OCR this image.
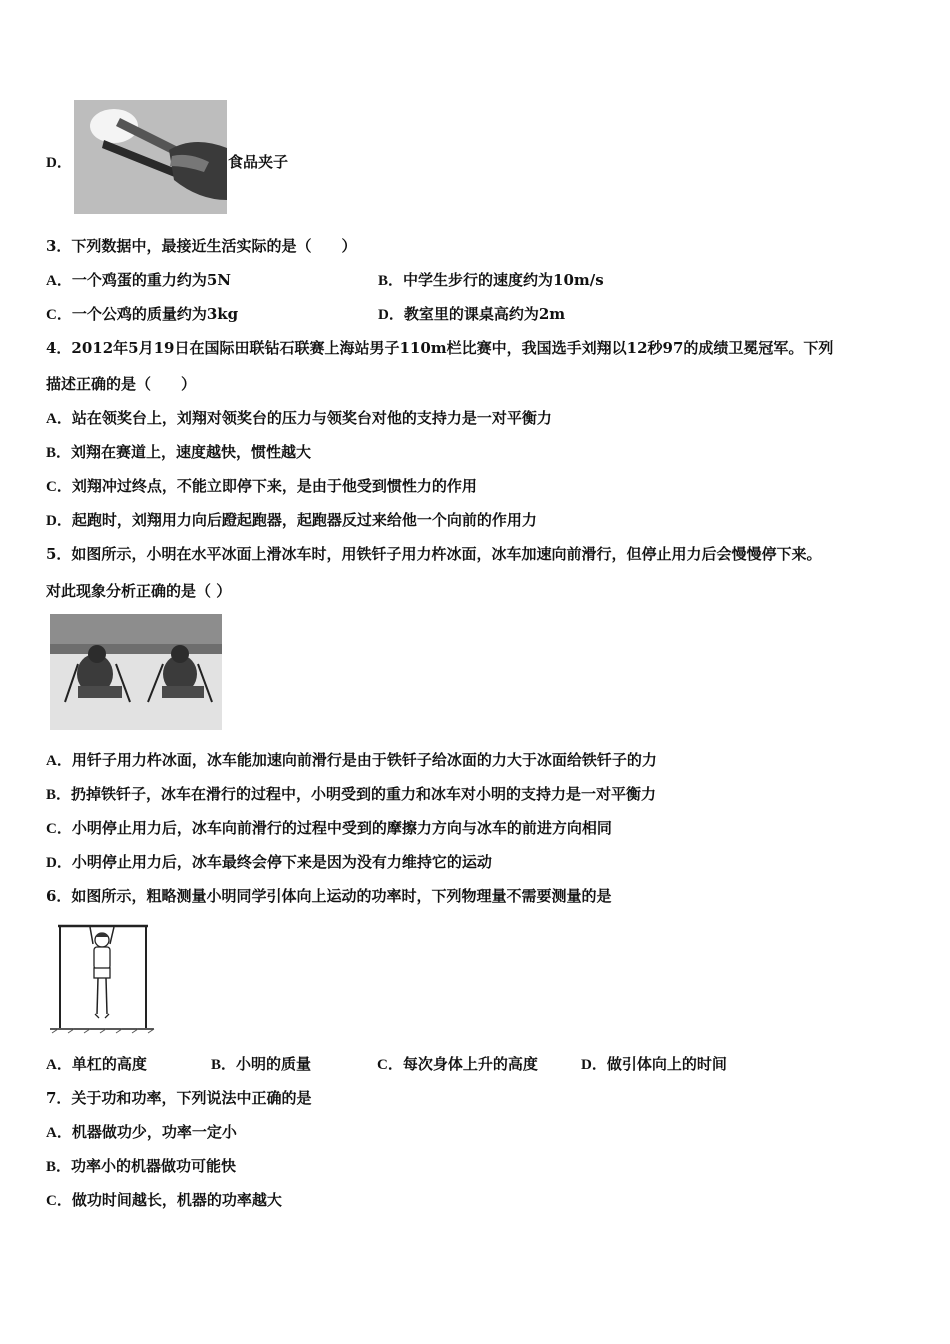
D．	食品夹子
3．下列数据中，最接近生活实际的是（　　）
A．一个鸡蛋的重力约为5N	B．中学生步行的速度约为10m/s
C．一个公鸡的质量约为3kg	D．教室里的课桌高约为2m
4．2012年5月19日在国际田联钻石联赛上海站男子110m栏比赛中，我国选手刘翔以12秒97的成绩卫冕冠军。下列
描述正确的是（　　）
A．站在领奖台上，刘翔对领奖台的压力与领奖台对他的支持力是一对平衡力
B．刘翔在赛道上，速度越快，惯性越大
C．刘翔冲过终点，不能立即停下来，是由于他受到惯性力的作用
D．起跑时，刘翔用力向后蹬起跑器，起跑器反过来给他一个向前的作用力
5．如图所示，小明在水平冰面上滑冰车时，用铁钎子用力杵冰面，冰车加速向前滑行，但停止用力后会慢慢停下来。
对此现象分析正确的是（ ）
A．用钎子用力杵冰面，冰车能加速向前滑行是由于铁钎子给冰面的力大于冰面给铁钎子的力
B．扔掉铁钎子，冰车在滑行的过程中，小明受到的重力和冰车对小明的支持力是一对平衡力
C．小明停止用力后，冰车向前滑行的过程中受到的摩擦力方向与冰车的前进方向相同
D．小明停止用力后，冰车最终会停下来是因为没有力维持它的运动
6．如图所示，粗略测量小明同学引体向上运动的功率时，下列物理量不需要测量的是
A．单杠的高度	B．小明的质量	C．每次身体上升的高度	D．做引体向上的时间
7．关于功和功率，下列说法中正确的是
A．机器做功少，功率一定小
B．功率小的机器做功可能快
C．做功时间越长，机器的功率越大
